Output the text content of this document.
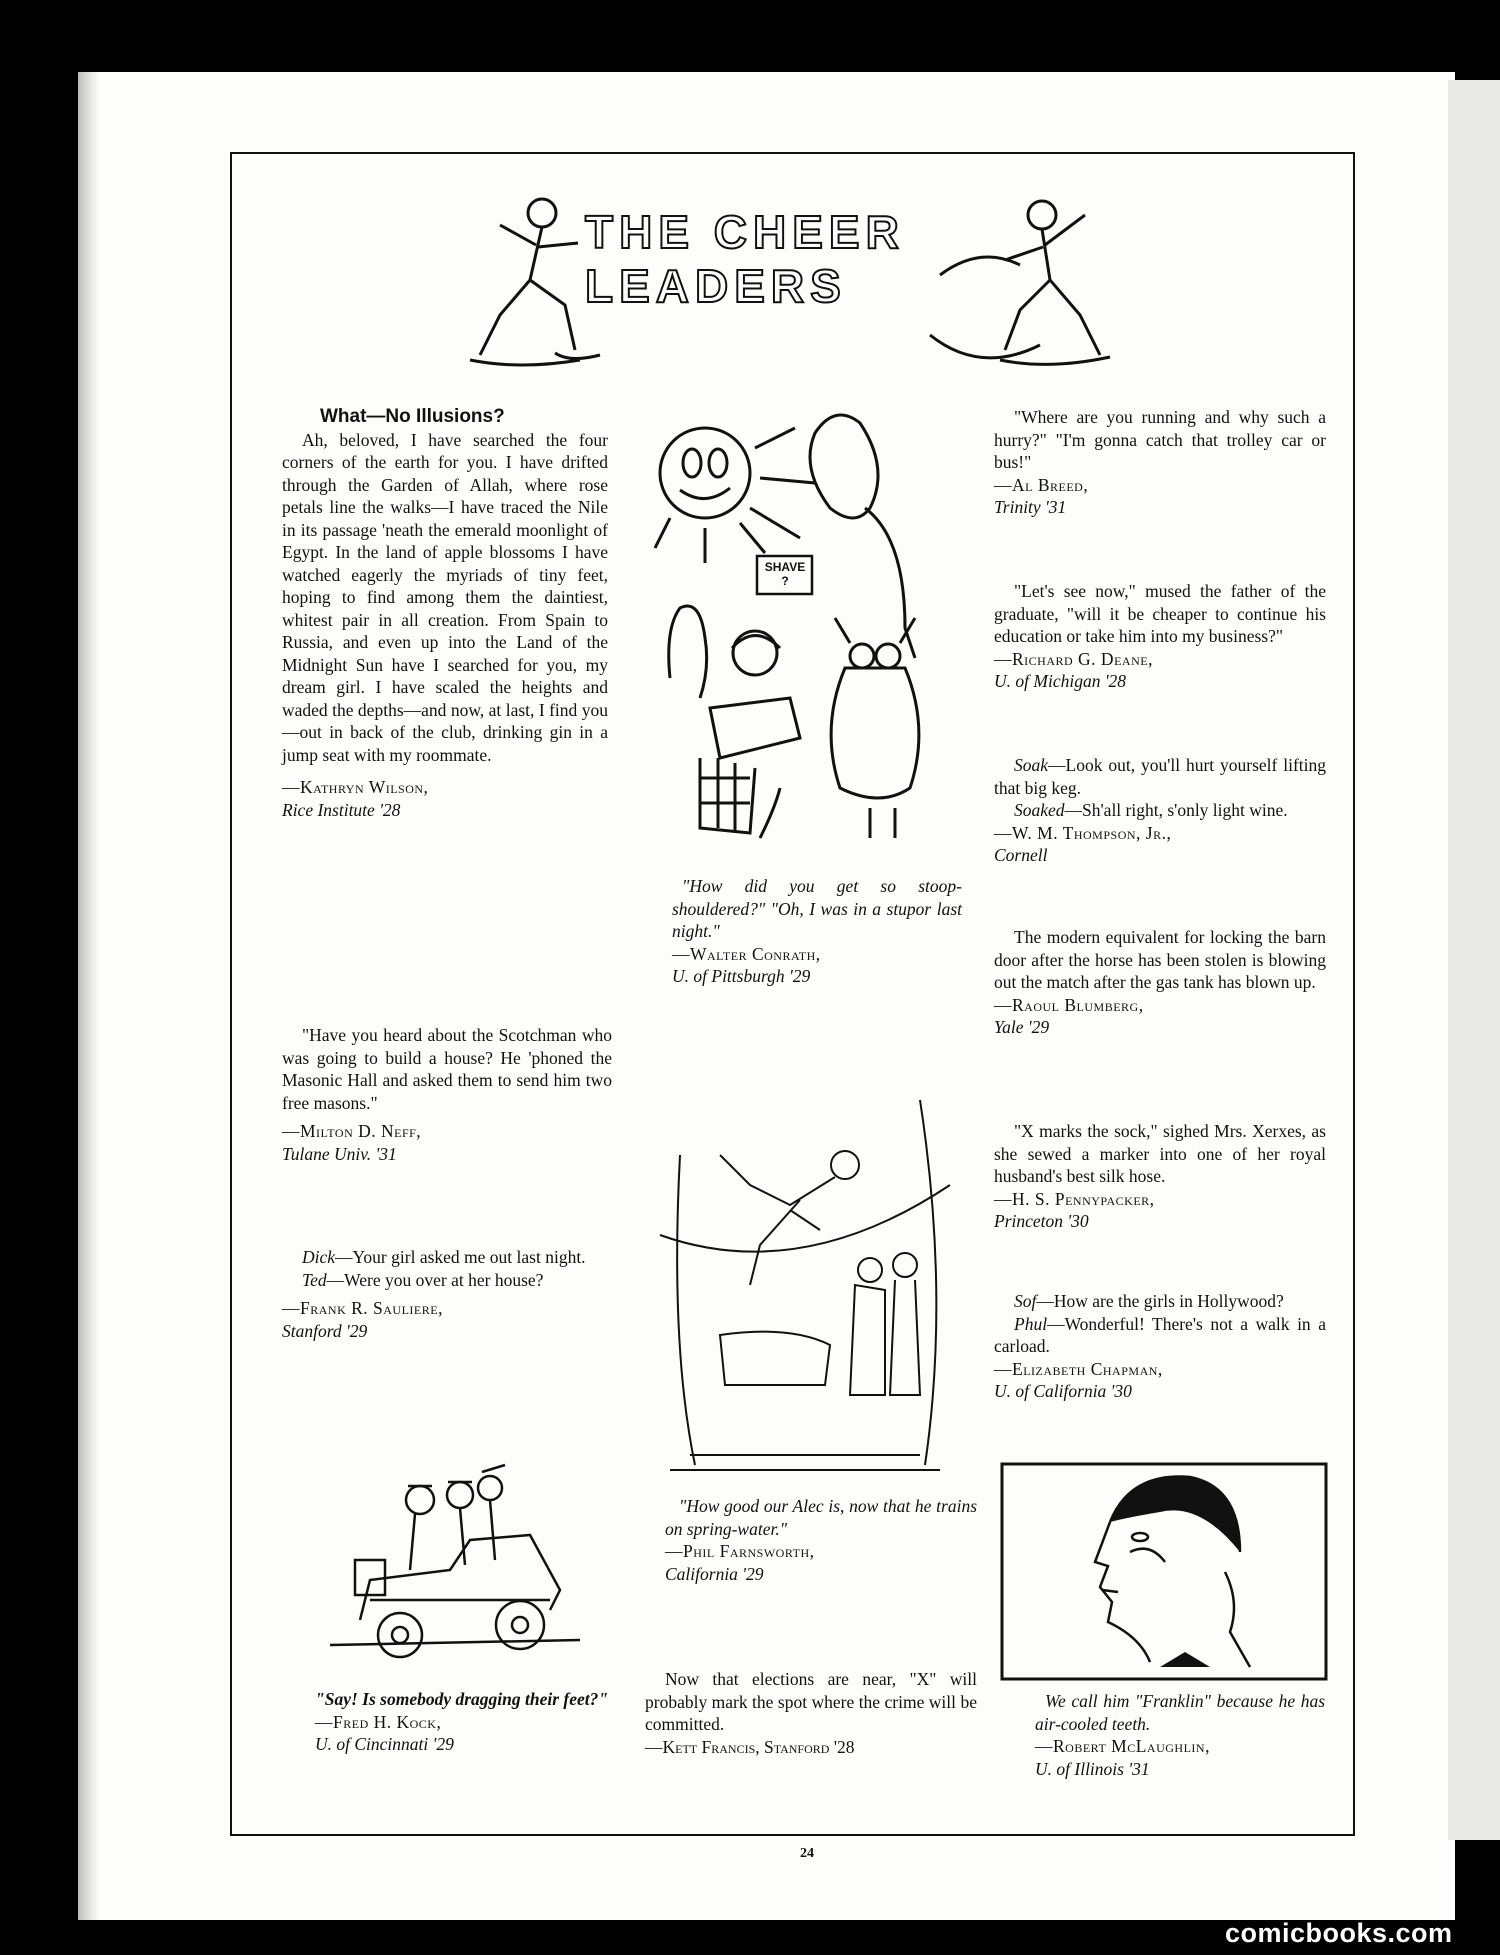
THE CHEER LEADERS

What—No Illusions?

Ah, beloved, I have searched the four corners of the earth for you. I have drifted through the Garden of Allah, where rose petals line the walks—I have traced the Nile in its passage 'neath the emerald moonlight of Egypt. In the land of apple blossoms I have watched eagerly the myriads of tiny feet, hoping to find among them the daintiest, whitest pair in all creation. From Spain to Russia, and even up into the Land of the Midnight Sun have I searched for you, my dream girl. I have scaled the heights and waded the depths—and now, at last, I find you—out in back of the club, drinking gin in a jump seat with my roommate.

—Kathryn Wilson,

Rice Institute '28

"Have you heard about the Scotchman who was going to build a house? He 'phoned the Masonic Hall and asked them to send him two free masons."

—Milton D. Neff,

Tulane Univ. '31

Dick—Your girl asked me out last night.

Ted—Were you over at her house?

—Frank R. Sauliere,

Stanford '29

"Say! Is somebody dragging their feet?"

—Fred H. Kock,

U. of Cincinnati '29

SHAVE ?

"How did you get so stoop-shouldered?" "Oh, I was in a stupor last night."

—Walter Conrath,

U. of Pittsburgh '29

"How good our Alec is, now that he trains on spring-water."

—Phil Farnsworth,

California '29

Now that elections are near, "X" will probably mark the spot where the crime will be committed.

—Kett Francis, Stanford '28

"Where are you running and why such a hurry?" "I'm gonna catch that trolley car or bus!"

—Al Breed,

Trinity '31

"Let's see now," mused the father of the graduate, "will it be cheaper to continue his education or take him into my business?"

—Richard G. Deane,

U. of Michigan '28

Soak—Look out, you'll hurt yourself lifting that big keg.

Soaked—Sh'all right, s'only light wine.

—W. M. Thompson, Jr.,

Cornell

The modern equivalent for locking the barn door after the horse has been stolen is blowing out the match after the gas tank has blown up.

—Raoul Blumberg,

Yale '29

"X marks the sock," sighed Mrs. Xerxes, as she sewed a marker into one of her royal husband's best silk hose.

—H. S. Pennypacker,

Princeton '30

Sof—How are the girls in Hollywood?

Phul—Wonderful! There's not a walk in a carload.

—Elizabeth Chapman,

U. of California '30

We call him "Franklin" because he has air-cooled teeth.

—Robert McLaughlin,

U. of Illinois '31

24
comicbooks.com
